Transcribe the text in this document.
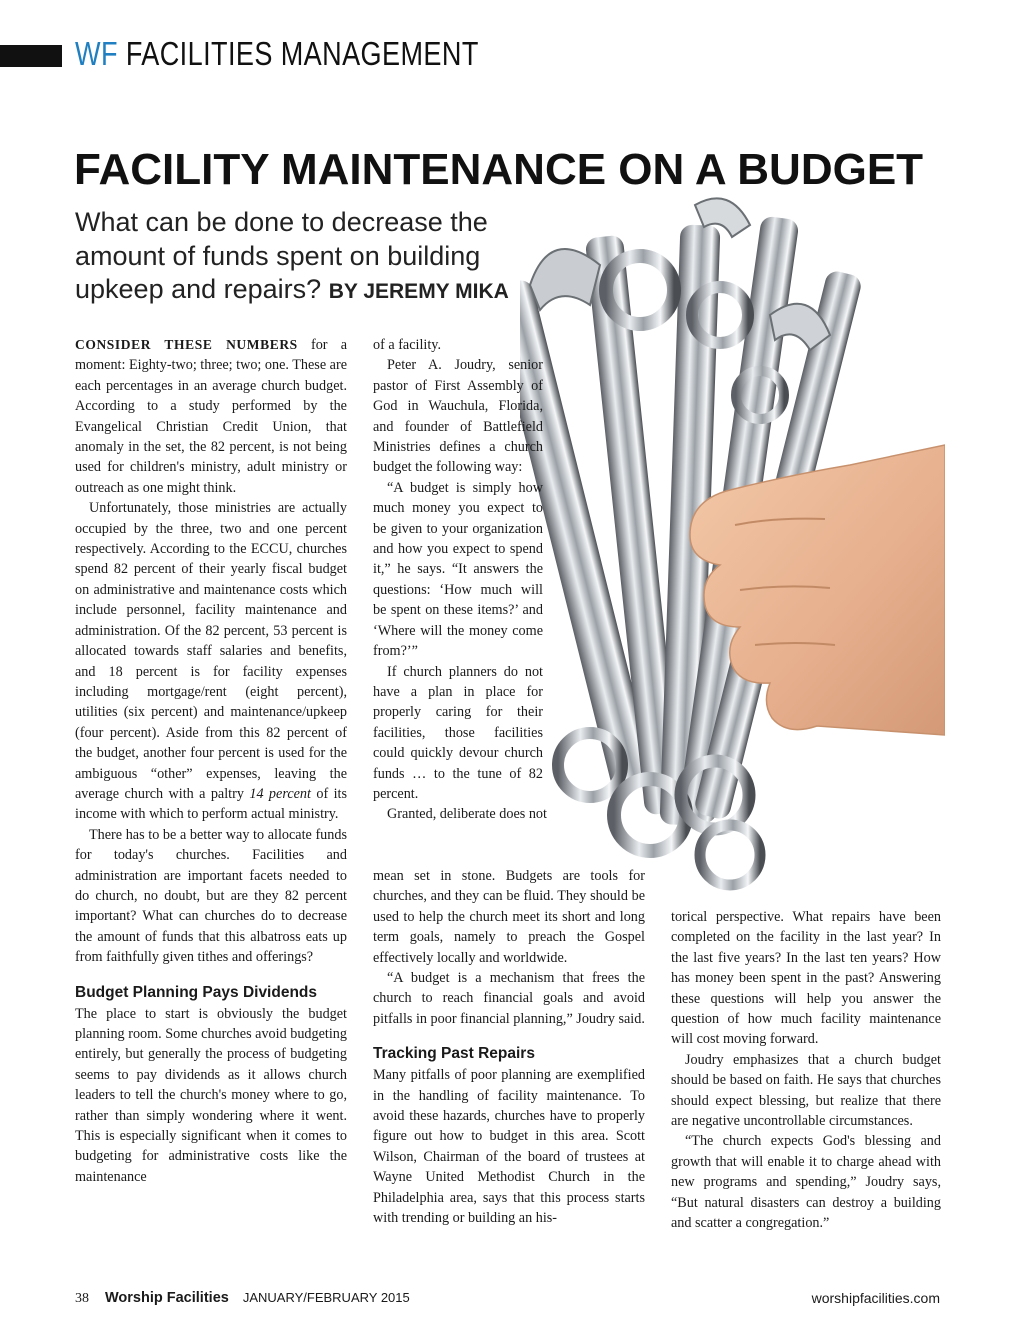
WF FACILITIES MANAGEMENT
FACILITY MAINTENANCE ON A BUDGET
What can be done to decrease the amount of funds spent on building upkeep and repairs? BY JEREMY MIKA

CONSIDER THESE NUMBERS for a moment: Eighty-two; three; two; one. These are each percentages in an average church budget. According to a study performed by the Evangelical Christian Credit Union, that anomaly in the set, the 82 percent, is not being used for children's ministry, adult ministry or outreach as one might think.

Unfortunately, those ministries are actually occupied by the three, two and one percent respectively. According to the ECCU, churches spend 82 percent of their yearly fiscal budget on administrative and maintenance costs which include personnel, facility maintenance and administration. Of the 82 percent, 53 percent is allocated towards staff salaries and benefits, and 18 percent is for facility expenses including mortgage/rent (eight percent), utilities (six percent) and maintenance/upkeep (four percent). Aside from this 82 percent of the budget, another four percent is used for the ambiguous “other” expenses, leaving the average church with a paltry 14 percent of its income with which to perform actual ministry.

There has to be a better way to allocate funds for today's churches. Facilities and administration are important facets needed to do church, no doubt, but are they 82 percent important? What can churches do to decrease the amount of funds that this albatross eats up from faithfully given tithes and offerings?

Budget Planning Pays Dividends

The place to start is obviously the budget planning room. Some churches avoid budgeting entirely, but generally the process of budgeting seems to pay dividends as it allows church leaders to tell the church's money where to go, rather than simply wondering where it went. This is especially significant when it comes to budgeting for administrative costs like the maintenance

of a facility.

Peter A. Joudry, senior pastor of First Assembly of God in Wauchula, Florida, and founder of Battlefield Ministries defines a church budget the following way:

“A budget is simply how much money you expect to be given to your organization and how you expect to spend it,” he says. “It answers the questions: ‘How much will be spent on these items?’ and ‘Where will the money come from?’”

If church planners do not have a plan in place for properly caring for their facilities, those facilities could quickly devour church funds … to the tune of 82 percent.

Granted, deliberate does not

mean set in stone. Budgets are tools for churches, and they can be fluid. They should be used to help the church meet its short and long term goals, namely to preach the Gospel effectively locally and worldwide.

“A budget is a mechanism that frees the church to reach financial goals and avoid pitfalls in poor financial planning,” Joudry said.

Tracking Past Repairs

Many pitfalls of poor planning are exemplified in the handling of facility maintenance. To avoid these hazards, churches have to properly figure out how to budget in this area. Scott Wilson, Chairman of the board of trustees at Wayne United Methodist Church in the Philadelphia area, says that this process starts with trending or building an his-

torical perspective. What repairs have been completed on the facility in the last year? In the last five years? In the last ten years? How has money been spent in the past? Answering these questions will help you answer the question of how much facility maintenance will cost moving forward.

Joudry emphasizes that a church budget should be based on faith. He says that churches should expect blessing, but realize that there are negative uncontrollable circumstances.

“The church expects God's blessing and growth that will enable it to charge ahead with new programs and spending,” Joudry says, “But natural disasters can destroy a building and scatter a congregation.”

38 Worship Facilities JANUARY/FEBRUARY 2015	worshipfacilities.com
